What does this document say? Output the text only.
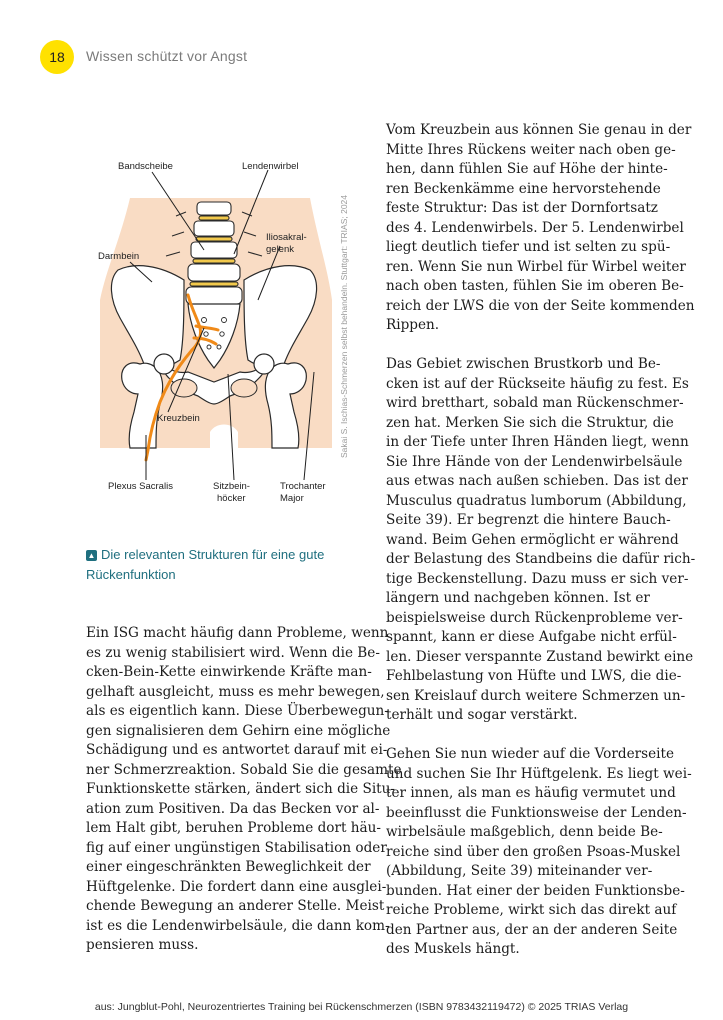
18 Wissen schützt vor Angst
Bandscheibe	Lendenwirbel
Iliosakral-
gelenk
Darmbein
Kreuzbein
Plexus Sacralis	Sitzbein-
höcker
Trochanter
Major
Sakai S. Ischias-Schmerzen selbst behandeln. Stuttgart: TRIAS; 2024
▲ Die relevanten Strukturen für eine gute
Rückenfunktion

Ein ISG macht häufig dann Probleme, wenn

es zu wenig stabilisiert wird. Wenn die Be-

cken-Bein-Kette einwirkende Kräfte man-

gelhaft ausgleicht, muss es mehr bewegen,

als es eigentlich kann. Diese Überbewegun-

gen signalisieren dem Gehirn eine mögliche

Schädigung und es antwortet darauf mit ei-

ner Schmerzreaktion. Sobald Sie die gesamte

Funktionskette stärken, ändert sich die Situ-

ation zum Positiven. Da das Becken vor al-

lem Halt gibt, beruhen Probleme dort häu-

fig auf einer ungünstigen Stabilisation oder

einer eingeschränkten Beweglichkeit der

Hüftgelenke. Die fordert dann eine ausglei-

chende Bewegung an anderer Stelle. Meist

ist es die Lendenwirbelsäule, die dann kom-

pensieren muss.

Vom Kreuzbein aus können Sie genau in der

Mitte Ihres Rückens weiter nach oben ge-

hen, dann fühlen Sie auf Höhe der hinte-

ren Beckenkämme eine hervorstehende

feste Struktur: Das ist der Dornfortsatz

des 4. Lendenwirbels. Der 5. Lendenwirbel

liegt deutlich tiefer und ist selten zu spü-

ren. Wenn Sie nun Wirbel für Wirbel weiter

nach oben tasten, fühlen Sie im oberen Be-

reich der LWS die von der Seite kommenden

Rippen.

Das Gebiet zwischen Brustkorb und Be-

cken ist auf der Rückseite häufig zu fest. Es

wird bretthart, sobald man Rückenschmer-

zen hat. Merken Sie sich die Struktur, die

in der Tiefe unter Ihren Händen liegt, wenn

Sie Ihre Hände von der Lendenwirbelsäule

aus etwas nach außen schieben. Das ist der

Musculus quadratus lumborum (Abbildung,

Seite 39). Er begrenzt die hintere Bauch-

wand. Beim Gehen ermöglicht er während

der Belastung des Standbeins die dafür rich-

tige Beckenstellung. Dazu muss er sich ver-

längern und nachgeben können. Ist er

beispielsweise durch Rückenprobleme ver-

spannt, kann er diese Aufgabe nicht erfül-

len. Dieser verspannte Zustand bewirkt eine

Fehlbelastung von Hüfte und LWS, die die-

sen Kreislauf durch weitere Schmerzen un-

terhält und sogar verstärkt.

Gehen Sie nun wieder auf die Vorderseite

und suchen Sie Ihr Hüftgelenk. Es liegt wei-

ter innen, als man es häufig vermutet und

beeinflusst die Funktionsweise der Lenden-

wirbelsäule maßgeblich, denn beide Be-

reiche sind über den großen Psoas-Muskel

(Abbildung, Seite 39) miteinander ver-

bunden. Hat einer der beiden Funktionsbe-

reiche Probleme, wirkt sich das direkt auf

den Partner aus, der an der anderen Seite

des Muskels hängt.

aus: Jungblut-Pohl, Neurozentriertes Training bei Rückenschmerzen (ISBN 9783432119472) © 2025 TRIAS Verlag
